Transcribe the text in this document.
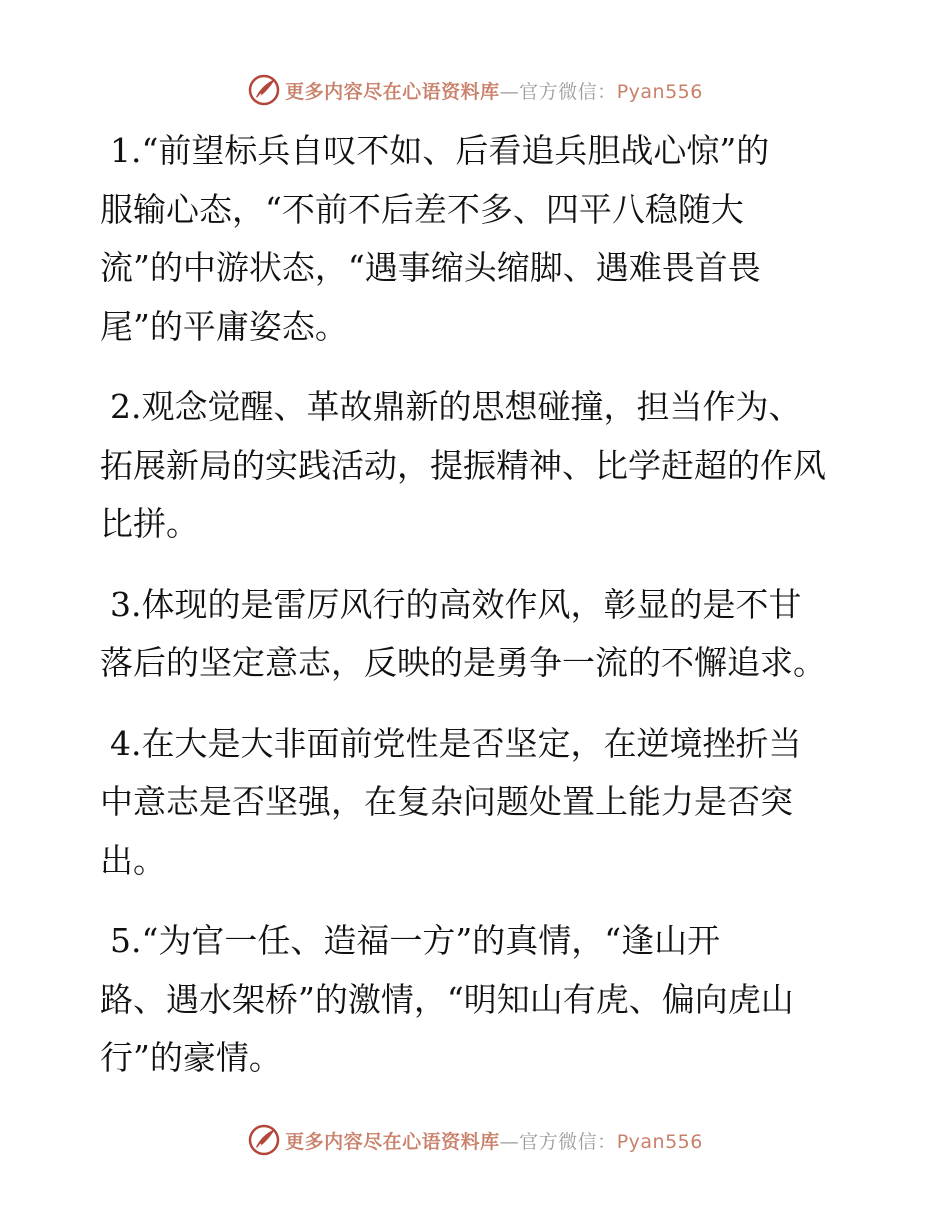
更多内容尽在心语资料库—官方微信：Pyan556

1.“前望标兵自叹不如、后看追兵胆战心惊”的
服输心态，“不前不后差不多、四平八稳随大
流”的中游状态，“遇事缩头缩脚、遇难畏首畏
尾”的平庸姿态。

2.观念觉醒、革故鼎新的思想碰撞，担当作为、
拓展新局的实践活动，提振精神、比学赶超的作风
比拼。

3.体现的是雷厉风行的高效作风，彰显的是不甘
落后的坚定意志，反映的是勇争一流的不懈追求。

4.在大是大非面前党性是否坚定，在逆境挫折当
中意志是否坚强，在复杂问题处置上能力是否突
出。

5.“为官一任、造福一方”的真情，“逢山开
路、遇水架桥”的激情，“明知山有虎、偏向虎山
行”的豪情。

更多内容尽在心语资料库—官方微信：Pyan556
